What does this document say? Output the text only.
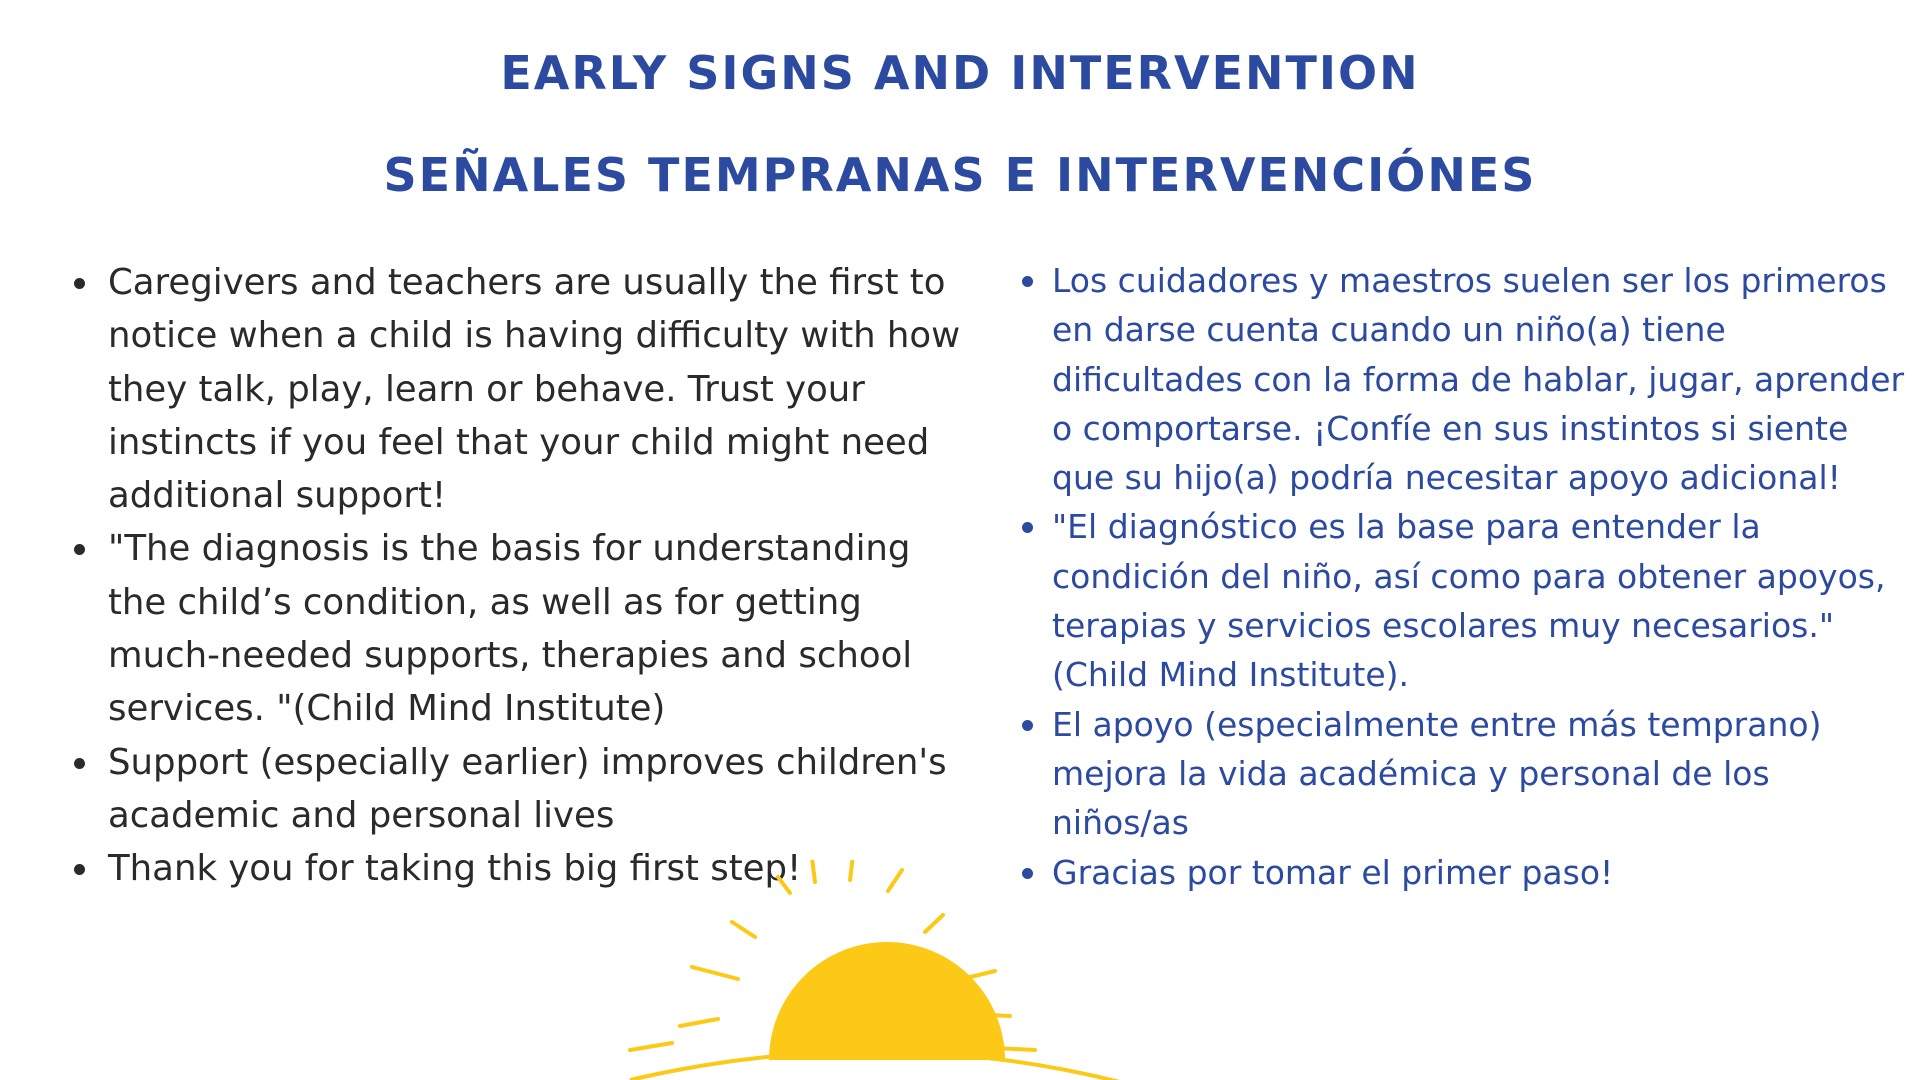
EARLY SIGNS AND INTERVENTION
SEÑALES TEMPRANAS E INTERVENCIÓNES
Caregivers and teachers are usually the first to notice when a child is having difficulty with how they talk, play, learn or behave. Trust your instincts if you feel that your child might need additional support!
"The diagnosis is the basis for understanding the child’s condition, as well as for getting much-needed supports, therapies and school services. "(Child Mind Institute)
Support (especially earlier) improves children's academic and personal lives
Thank you for taking this big first step!
Los cuidadores y maestros suelen ser los primeros en darse cuenta cuando un niño(a) tiene dificultades con la forma de hablar, jugar, aprender o comportarse. ¡Confíe en sus instintos si siente que su hijo(a) podría necesitar apoyo adicional!
"El diagnóstico es la base para entender la condición del niño, así como para obtener apoyos, terapias y servicios escolares muy necesarios."(Child Mind Institute).
El apoyo (especialmente entre más temprano) mejora la vida académica y personal de los niños/as
Gracias por tomar el primer paso!
